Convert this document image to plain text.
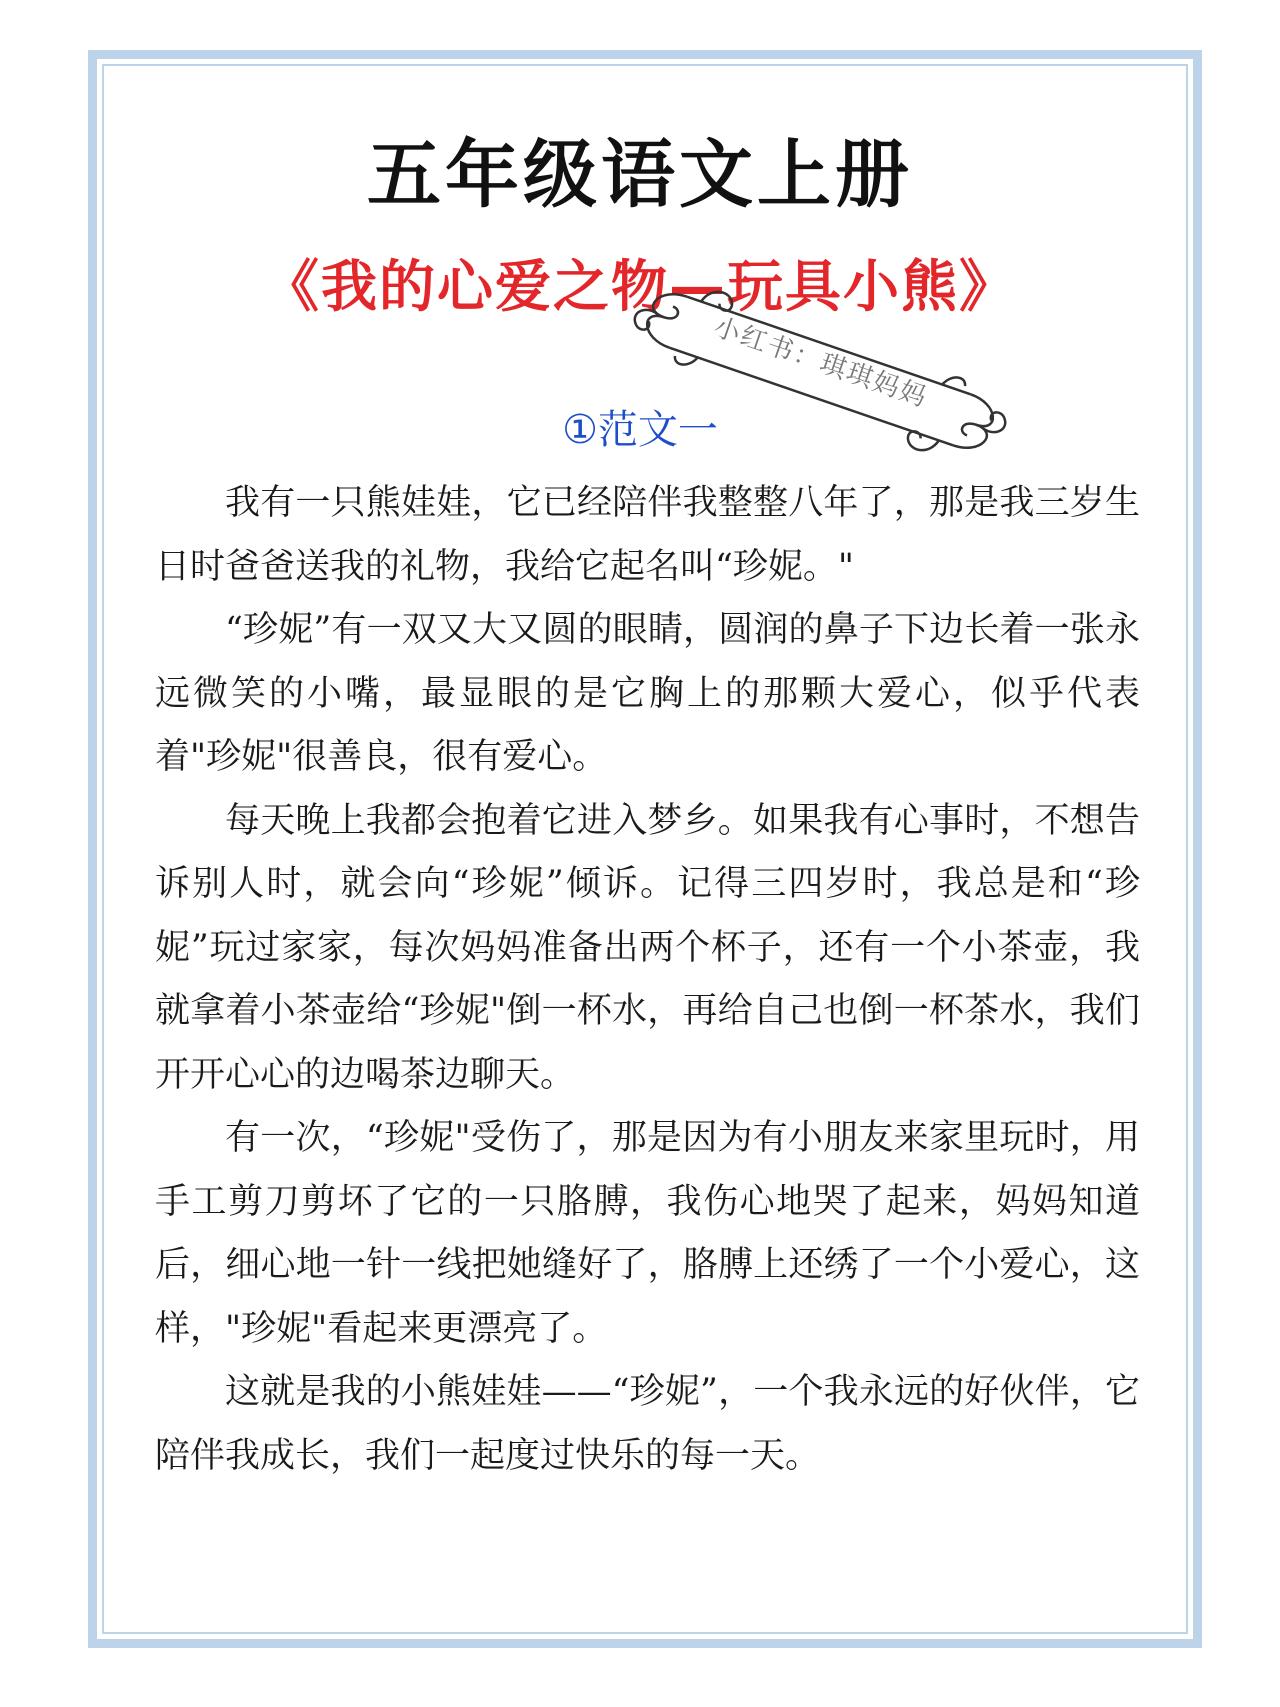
五年级语文上册
《我的心爱之物—玩具小熊》
小红书：琪琪妈妈
①范文一

我有一只熊娃娃，它已经陪伴我整整八年了，那是我三岁生日时爸爸送我的礼物，我给它起名叫“珍妮。"

“珍妮”有一双又大又圆的眼睛，圆润的鼻子下边长着一张永远微笑的小嘴，最显眼的是它胸上的那颗大爱心，似乎代表着"珍妮"很善良，很有爱心。

每天晚上我都会抱着它进入梦乡。如果我有心事时，不想告诉别人时，就会向“珍妮”倾诉。记得三四岁时，我总是和“珍妮”玩过家家，每次妈妈准备出两个杯子，还有一个小茶壶，我就拿着小茶壶给“珍妮"倒一杯水，再给自己也倒一杯茶水，我们开开心心的边喝茶边聊天。

有一次，“珍妮"受伤了，那是因为有小朋友来家里玩时，用手工剪刀剪坏了它的一只胳膊，我伤心地哭了起来，妈妈知道后，细心地一针一线把她缝好了，胳膊上还绣了一个小爱心，这样，"珍妮"看起来更漂亮了。

这就是我的小熊娃娃——“珍妮”，一个我永远的好伙伴，它陪伴我成长，我们一起度过快乐的每一天。
